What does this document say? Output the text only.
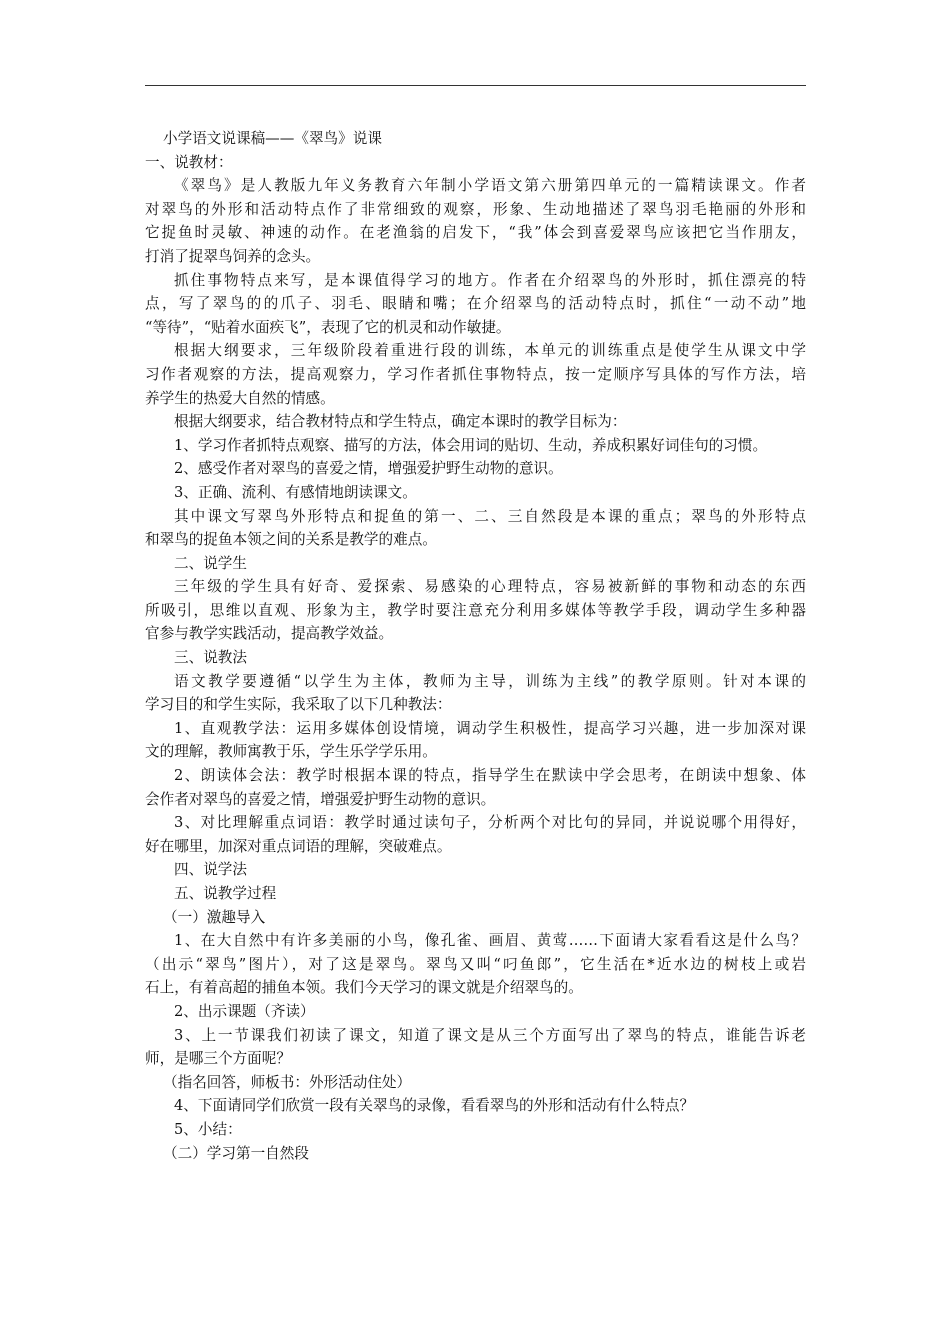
小学语文说课稿——《翠鸟》说课
一、说教材：
《翠鸟》是人教版九年义务教育六年制小学语文第六册第四单元的一篇精读课文。作者
对翠鸟的外形和活动特点作了非常细致的观察，形象、生动地描述了翠鸟羽毛艳丽的外形和
它捉鱼时灵敏、神速的动作。在老渔翁的启发下，“我”体会到喜爱翠鸟应该把它当作朋友，
打消了捉翠鸟饲养的念头。
抓住事物特点来写，是本课值得学习的地方。作者在介绍翠鸟的外形时，抓住漂亮的特
点，写了翠鸟的的爪子、羽毛、眼睛和嘴；在介绍翠鸟的活动特点时，抓住“一动不动”地
“等待”，“贴着水面疾飞”，表现了它的机灵和动作敏捷。
根据大纲要求，三年级阶段着重进行段的训练，本单元的训练重点是使学生从课文中学
习作者观察的方法，提高观察力，学习作者抓住事物特点，按一定顺序写具体的写作方法，培
养学生的热爱大自然的情感。
根据大纲要求，结合教材特点和学生特点，确定本课时的教学目标为：
1、学习作者抓特点观察、描写的方法，体会用词的贴切、生动，养成积累好词佳句的习惯。
2、感受作者对翠鸟的喜爱之情，增强爱护野生动物的意识。
3、正确、流利、有感情地朗读课文。
其中课文写翠鸟外形特点和捉鱼的第一、二、三自然段是本课的重点；翠鸟的外形特点
和翠鸟的捉鱼本领之间的关系是教学的难点。
二、说学生
三年级的学生具有好奇、爱探索、易感染的心理特点，容易被新鲜的事物和动态的东西
所吸引，思维以直观、形象为主，教学时要注意充分利用多媒体等教学手段，调动学生多种器
官参与教学实践活动，提高教学效益。
三、说教法
语文教学要遵循“以学生为主体，教师为主导，训练为主线”的教学原则。针对本课的
学习目的和学生实际，我采取了以下几种教法：
1、直观教学法：运用多媒体创设情境，调动学生积极性，提高学习兴趣，进一步加深对课
文的理解，教师寓教于乐，学生乐学学乐用。
2、朗读体会法：教学时根据本课的特点，指导学生在默读中学会思考，在朗读中想象、体
会作者对翠鸟的喜爱之情，增强爱护野生动物的意识。
3、对比理解重点词语：教学时通过读句子，分析两个对比句的异同，并说说哪个用得好，
好在哪里，加深对重点词语的理解，突破难点。
四、说学法
五、说教学过程
（一）激趣导入
1、在大自然中有许多美丽的小鸟，像孔雀、画眉、黄莺……下面请大家看看这是什么鸟？
（出示“翠鸟”图片），对了这是翠鸟。翠鸟又叫“叼鱼郎”，它生活在*近水边的树枝上或岩
石上，有着高超的捕鱼本领。我们今天学习的课文就是介绍翠鸟的。
2、出示课题（齐读）
3、上一节课我们初读了课文，知道了课文是从三个方面写出了翠鸟的特点，谁能告诉老
师，是哪三个方面呢？
（指名回答，师板书：外形活动住处）
4、下面请同学们欣赏一段有关翠鸟的录像，看看翠鸟的外形和活动有什么特点？
5、小结：
（二）学习第一自然段
